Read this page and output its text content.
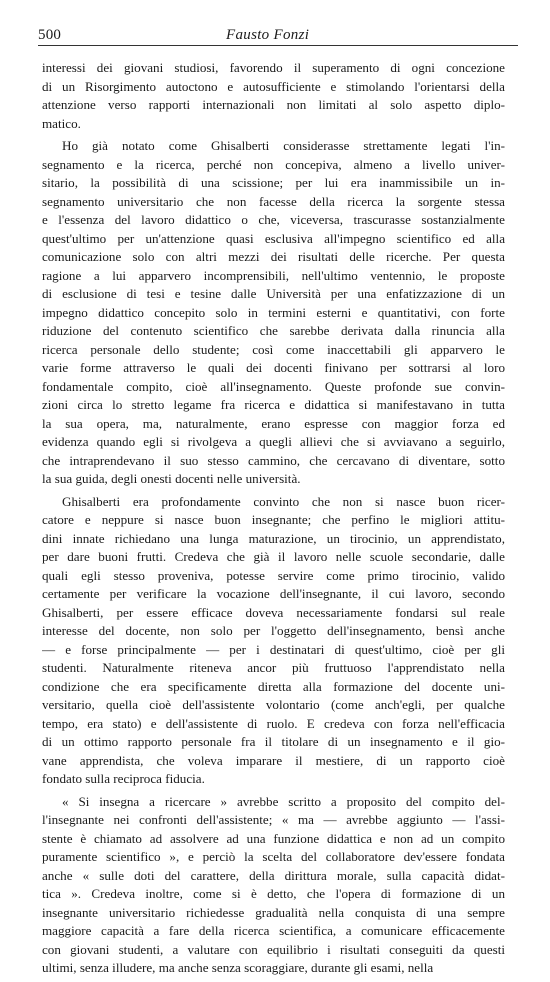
500	Fausto Fonzi
interessi dei giovani studiosi, favorendo il superamento di ogni concezione
di un Risorgimento autoctono e autosufficiente e stimolando l'orientarsi della
attenzione verso rapporti internazionali non limitati al solo aspetto diplo-
matico.
Ho già notato come Ghisalberti considerasse strettamente legati l'in-
segnamento e la ricerca, perché non concepiva, almeno a livello univer-
sitario, la possibilità di una scissione; per lui era inammissibile un in-
segnamento universitario che non facesse della ricerca la sorgente stessa
e l'essenza del lavoro didattico o che, viceversa, trascurasse sostanzialmente
quest'ultimo per un'attenzione quasi esclusiva all'impegno scientifico ed alla
comunicazione solo con altri mezzi dei risultati delle ricerche. Per questa
ragione a lui apparvero incomprensibili, nell'ultimo ventennio, le proposte
di esclusione di tesi e tesine dalle Università per una enfatizzazione di un
impegno didattico concepito solo in termini esterni e quantitativi, con forte
riduzione del contenuto scientifico che sarebbe derivata dalla rinuncia alla
ricerca personale dello studente; così come inaccettabili gli apparvero le
varie forme attraverso le quali dei docenti finivano per sottrarsi al loro
fondamentale compito, cioè all'insegnamento. Queste profonde sue convin-
zioni circa lo stretto legame fra ricerca e didattica si manifestavano in tutta
la sua opera, ma, naturalmente, erano espresse con maggior forza ed
evidenza quando egli si rivolgeva a quegli allievi che si avviavano a seguirlo,
che intraprendevano il suo stesso cammino, che cercavano di diventare, sotto
la sua guida, degli onesti docenti nelle università.
Ghisalberti era profondamente convinto che non si nasce buon ricer-
catore e neppure si nasce buon insegnante; che perfino le migliori attitu-
dini innate richiedano una lunga maturazione, un tirocinio, un apprendistato,
per dare buoni frutti. Credeva che già il lavoro nelle scuole secondarie, dalle
quali egli stesso proveniva, potesse servire come primo tirocinio, valido
certamente per verificare la vocazione dell'insegnante, il cui lavoro, secondo
Ghisalberti, per essere efficace doveva necessariamente fondarsi sul reale
interesse del docente, non solo per l'oggetto dell'insegnamento, bensì anche
— e forse principalmente — per i destinatari di quest'ultimo, cioè per gli
studenti. Naturalmente riteneva ancor più fruttuoso l'apprendistato nella
condizione che era specificamente diretta alla formazione del docente uni-
versitario, quella cioè dell'assistente volontario (come anch'egli, per qualche
tempo, era stato) e dell'assistente di ruolo. E credeva con forza nell'efficacia
di un ottimo rapporto personale fra il titolare di un insegnamento e il gio-
vane apprendista, che voleva imparare il mestiere, di un rapporto cioè
fondato sulla reciproca fiducia.
« Si insegna a ricercare » avrebbe scritto a proposito del compito del-
l'insegnante nei confronti dell'assistente; « ma — avrebbe aggiunto — l'assi-
stente è chiamato ad assolvere ad una funzione didattica e non ad un compito
puramente scientifico », e perciò la scelta del collaboratore dev'essere fondata
anche « sulle doti del carattere, della dirittura morale, sulla capacità didat-
tica ». Credeva inoltre, come si è detto, che l'opera di formazione di un
insegnante universitario richiedesse gradualità nella conquista di una sempre
maggiore capacità a fare della ricerca scientifica, a comunicare efficacemente
con giovani studenti, a valutare con equilibrio i risultati conseguiti da questi
ultimi, senza illudere, ma anche senza scoraggiare, durante gli esami, nella
